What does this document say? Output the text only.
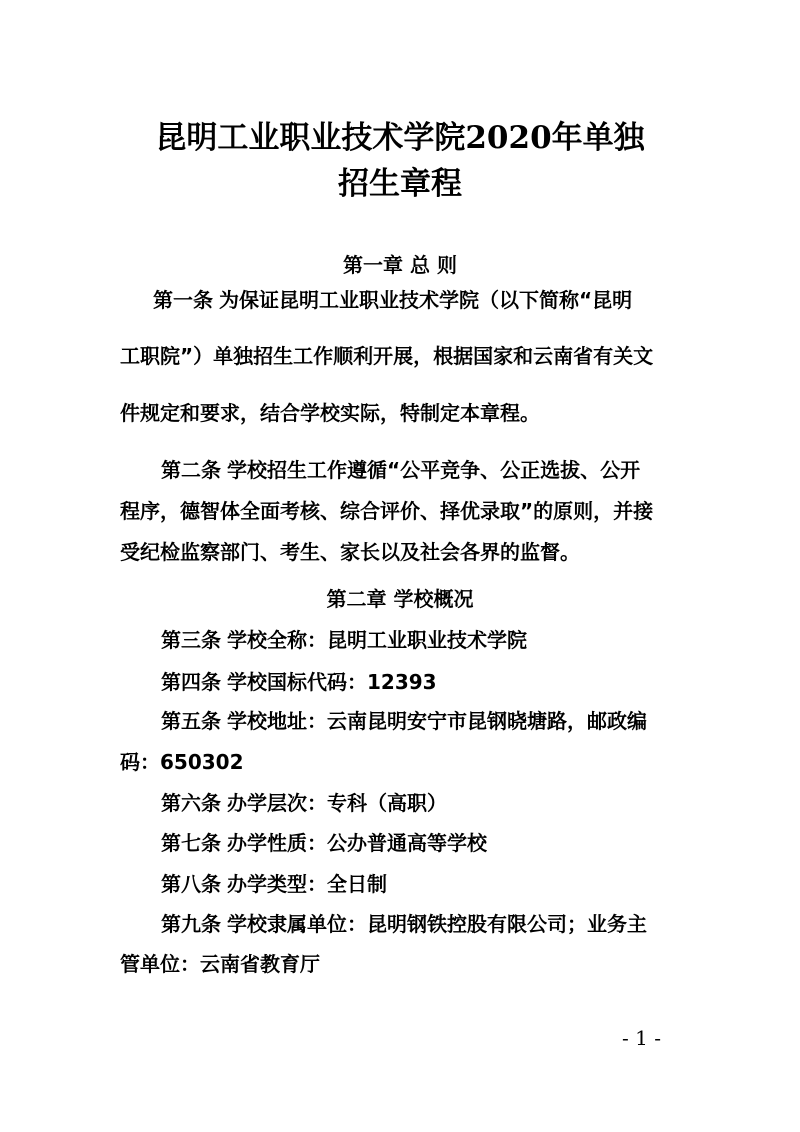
昆明工业职业技术学院2020年单独
招生章程
第一章 总 则
第一条 为保证昆明工业职业技术学院（以下简称“昆明
工职院”）单独招生工作顺利开展，根据国家和云南省有关文
件规定和要求，结合学校实际，特制定本章程。
第二条 学校招生工作遵循“公平竞争、公正选拔、公开
程序，德智体全面考核、综合评价、择优录取”的原则，并接
受纪检监察部门、考生、家长以及社会各界的监督。
第二章 学校概况
第三条 学校全称：昆明工业职业技术学院
第四条 学校国标代码：12393
第五条 学校地址：云南昆明安宁市昆钢晓塘路，邮政编
码：650302
第六条 办学层次：专科（高职）
第七条 办学性质：公办普通高等学校
第八条 办学类型：全日制
第九条 学校隶属单位：昆明钢铁控股有限公司；业务主
管单位：云南省教育厅
- 1 -
